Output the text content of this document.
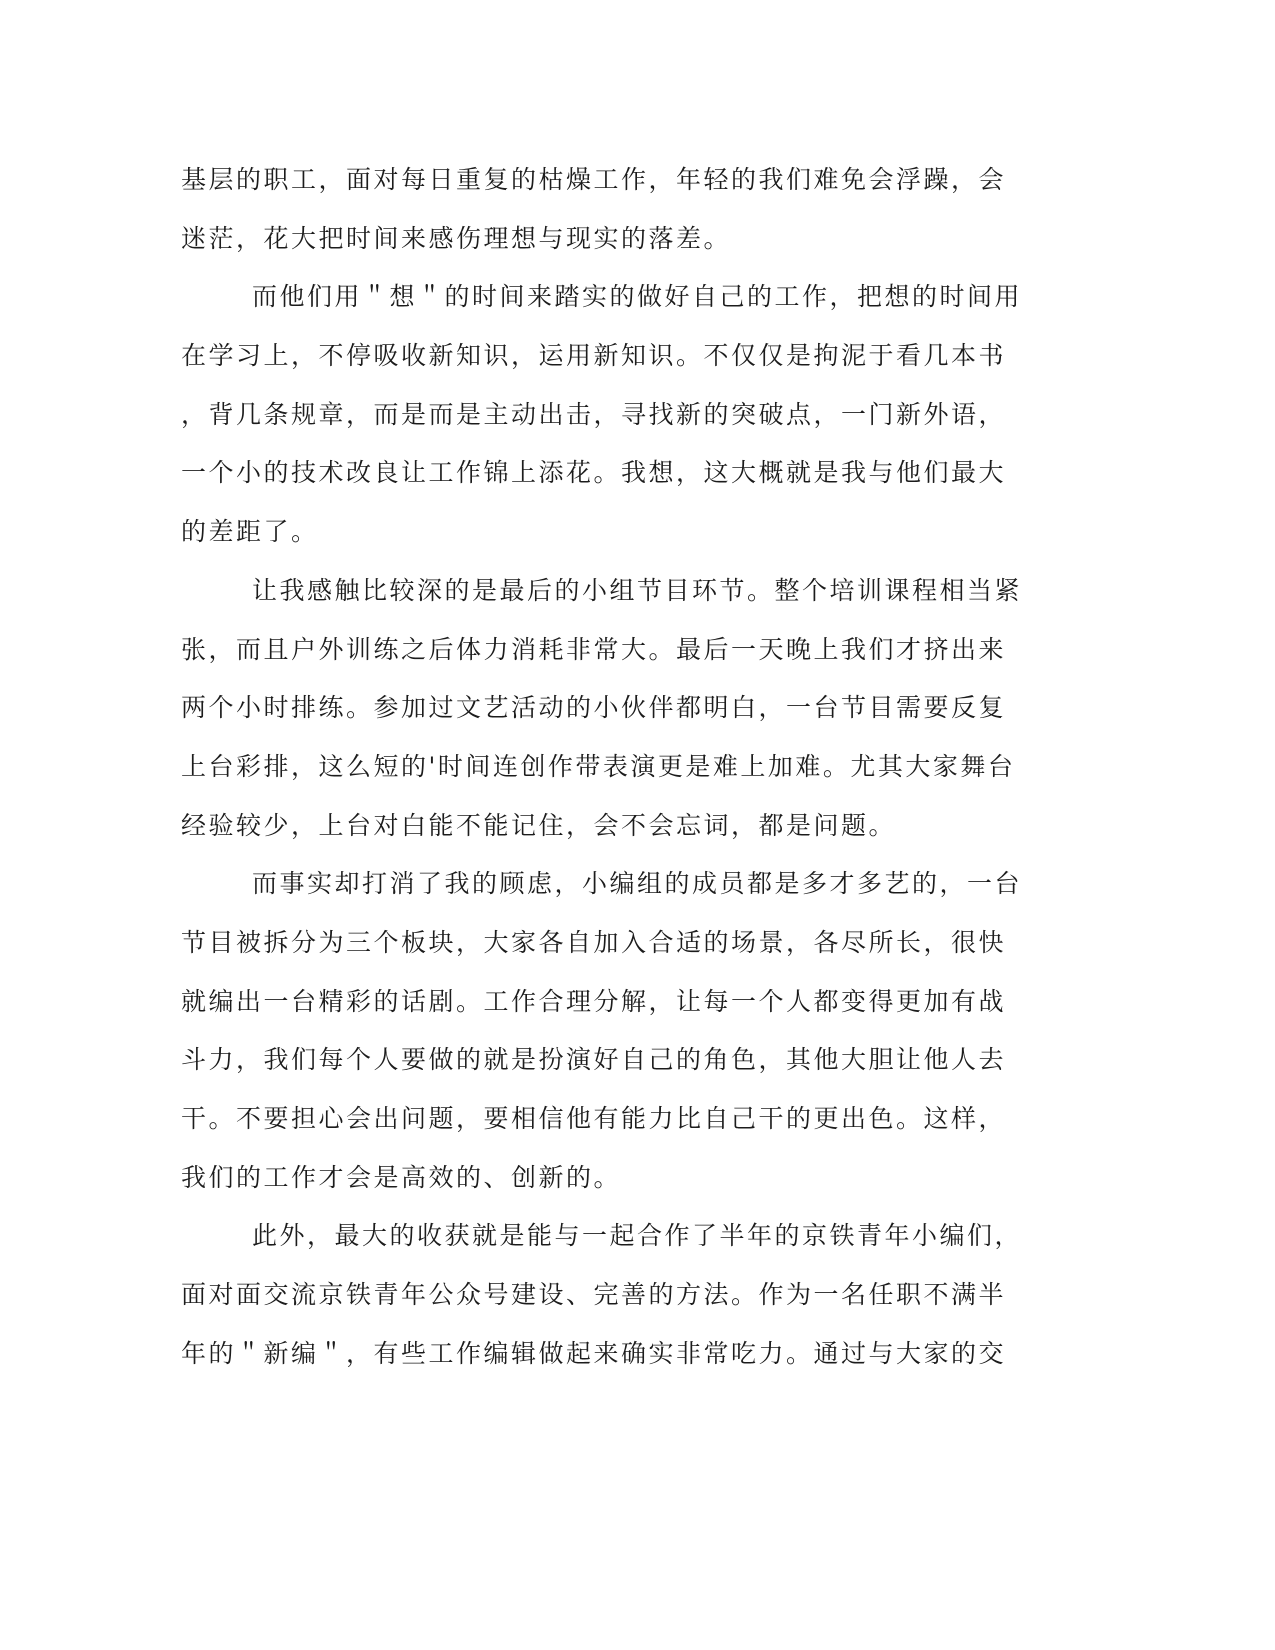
基层的职工，面对每日重复的枯燥工作，年轻的我们难免会浮躁，会
迷茫，花大把时间来感伤理想与现实的落差。
而他们用＂想＂的时间来踏实的做好自己的工作，把想的时间用
在学习上，不停吸收新知识，运用新知识。不仅仅是拘泥于看几本书
，背几条规章，而是而是主动出击，寻找新的突破点，一门新外语，
一个小的技术改良让工作锦上添花。我想，这大概就是我与他们最大
的差距了。
让我感触比较深的是最后的小组节目环节。整个培训课程相当紧
张，而且户外训练之后体力消耗非常大。最后一天晚上我们才挤出来
两个小时排练。参加过文艺活动的小伙伴都明白，一台节目需要反复
上台彩排，这么短的'时间连创作带表演更是难上加难。尤其大家舞台
经验较少，上台对白能不能记住，会不会忘词，都是问题。
而事实却打消了我的顾虑，小编组的成员都是多才多艺的，一台
节目被拆分为三个板块，大家各自加入合适的场景，各尽所长，很快
就编出一台精彩的话剧。工作合理分解，让每一个人都变得更加有战
斗力，我们每个人要做的就是扮演好自己的角色，其他大胆让他人去
干。不要担心会出问题，要相信他有能力比自己干的更出色。这样，
我们的工作才会是高效的、创新的。
此外，最大的收获就是能与一起合作了半年的京铁青年小编们，
面对面交流京铁青年公众号建设、完善的方法。作为一名任职不满半
年的＂新编＂，有些工作编辑做起来确实非常吃力。通过与大家的交
